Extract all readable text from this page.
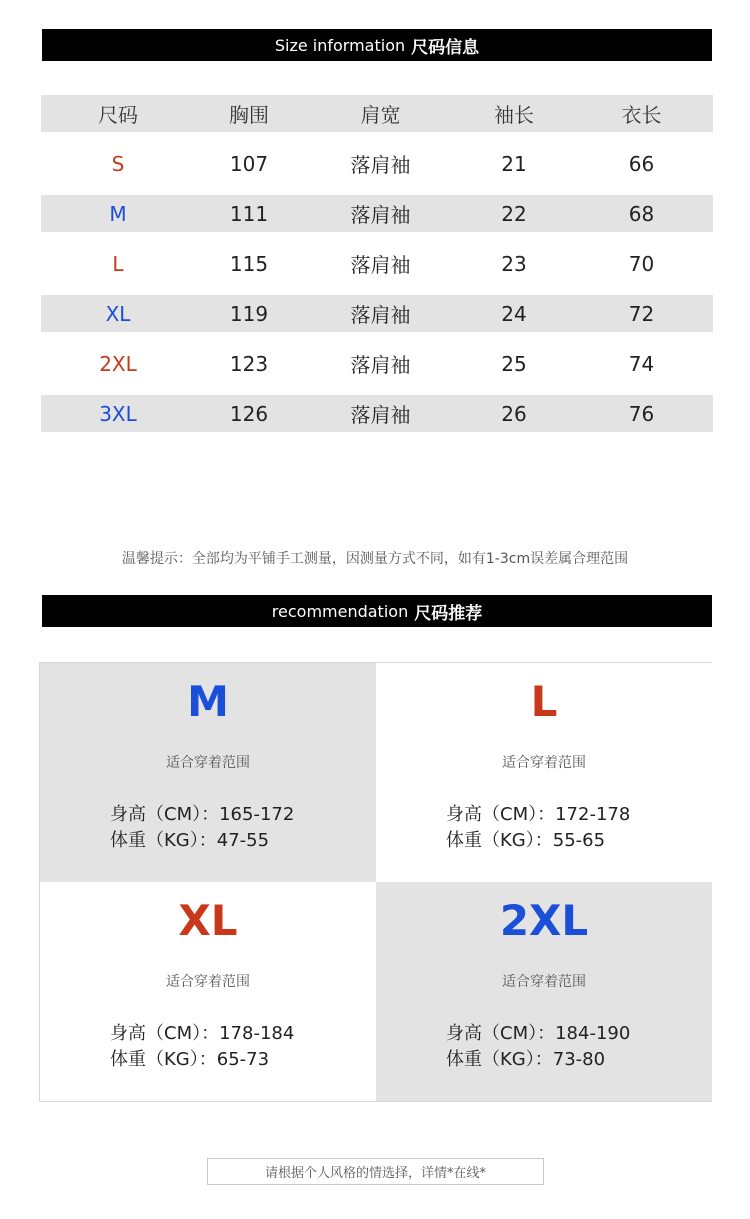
Size information 尺码信息
尺码	胸围	肩宽	袖长	衣长
S	107	落肩袖	21	66
M	111	落肩袖	22	68
L	115	落肩袖	23	70
XL	119	落肩袖	24	72
2XL	123	落肩袖	25	74
3XL	126	落肩袖	26	76
温馨提示：全部均为平铺手工测量，因测量方式不同，如有1-3cm误差属合理范围
recommendation 尺码推荐
M
适合穿着范围
身高（CM）：165-172
体重（KG）：47-55
L
适合穿着范围
身高（CM）：172-178
体重（KG）：55-65
XL
适合穿着范围
身高（CM）：178-184
体重（KG）：65-73
2XL
适合穿着范围
身高（CM）：184-190
体重（KG）：73-80
请根据个人风格的情选择，详情*在线*
